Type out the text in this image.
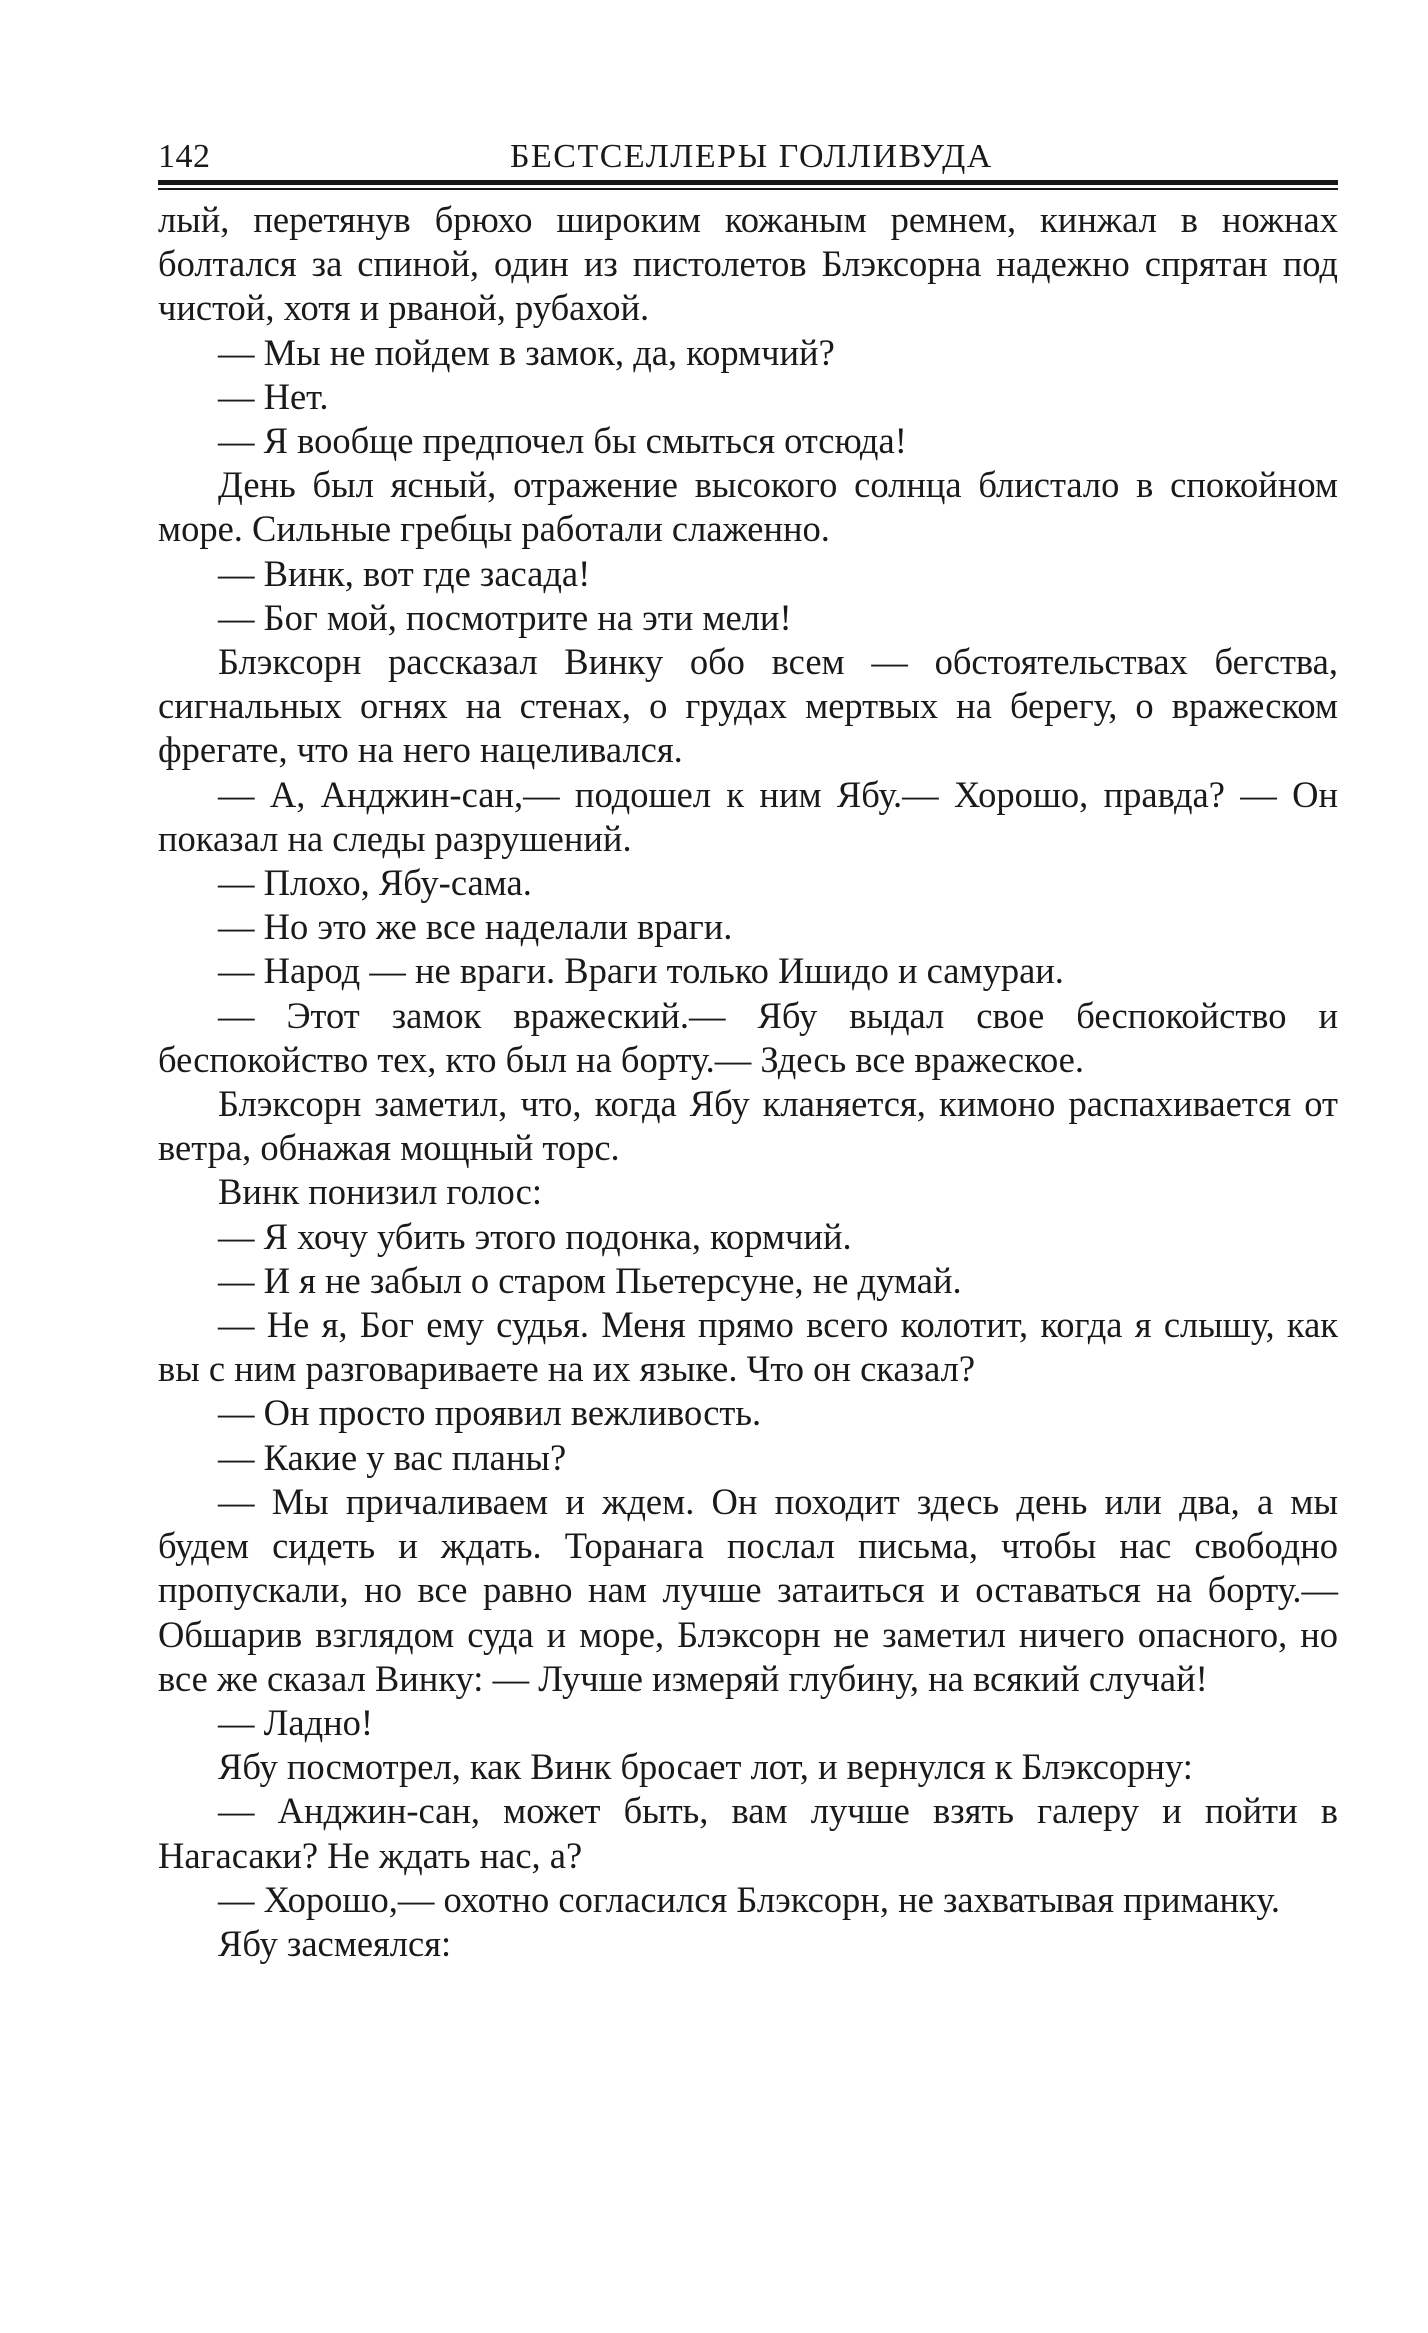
142	БЕСТСЕЛЛЕРЫ ГОЛЛИВУДА

лый, перетянув брюхо широким кожаным ремнем, кинжал в ножнах болтался за спиной, один из пистолетов Блэксорна надежно спрятан под чистой, хотя и рваной, рубахой.

— Мы не пойдем в замок, да, кормчий?

— Нет.

— Я вообще предпочел бы смыться отсюда!

День был ясный, отражение высокого солнца блистало в спокойном море. Сильные гребцы работали слаженно.

— Винк, вот где засада!

— Бог мой, посмотрите на эти мели!

Блэксорн рассказал Винку обо всем — обстоятельствах бегства, сигнальных огнях на стенах, о грудах мертвых на берегу, о вражеском фрегате, что на него нацеливался.

— А, Анджин-сан,— подошел к ним Ябу.— Хорошо, правда? — Он показал на следы разрушений.

— Плохо, Ябу-сама.

— Но это же все наделали враги.

— Народ — не враги. Враги только Ишидо и самураи.

— Этот замок вражеский.— Ябу выдал свое беспокойство и беспокойство тех, кто был на борту.— Здесь все вражеское.

Блэксорн заметил, что, когда Ябу кланяется, кимоно распахивается от ветра, обнажая мощный торс.

Винк понизил голос:

— Я хочу убить этого подонка, кормчий.

— И я не забыл о старом Пьетерсуне, не думай.

— Не я, Бог ему судья. Меня прямо всего колотит, когда я слышу, как вы с ним разговариваете на их языке. Что он сказал?

— Он просто проявил вежливость.

— Какие у вас планы?

— Мы причаливаем и ждем. Он походит здесь день или два, а мы будем сидеть и ждать. Торанага послал письма, чтобы нас свободно пропускали, но все равно нам лучше затаиться и оставаться на борту.— Обшарив взглядом суда и море, Блэксорн не заметил ничего опасного, но все же сказал Винку: — Лучше измеряй глубину, на всякий случай!

— Ладно!

Ябу посмотрел, как Винк бросает лот, и вернулся к Блэксорну:

— Анджин-сан, может быть, вам лучше взять галеру и пойти в Нагасаки? Не ждать нас, а?

— Хорошо,— охотно согласился Блэксорн, не захватывая приманку.

Ябу засмеялся:
